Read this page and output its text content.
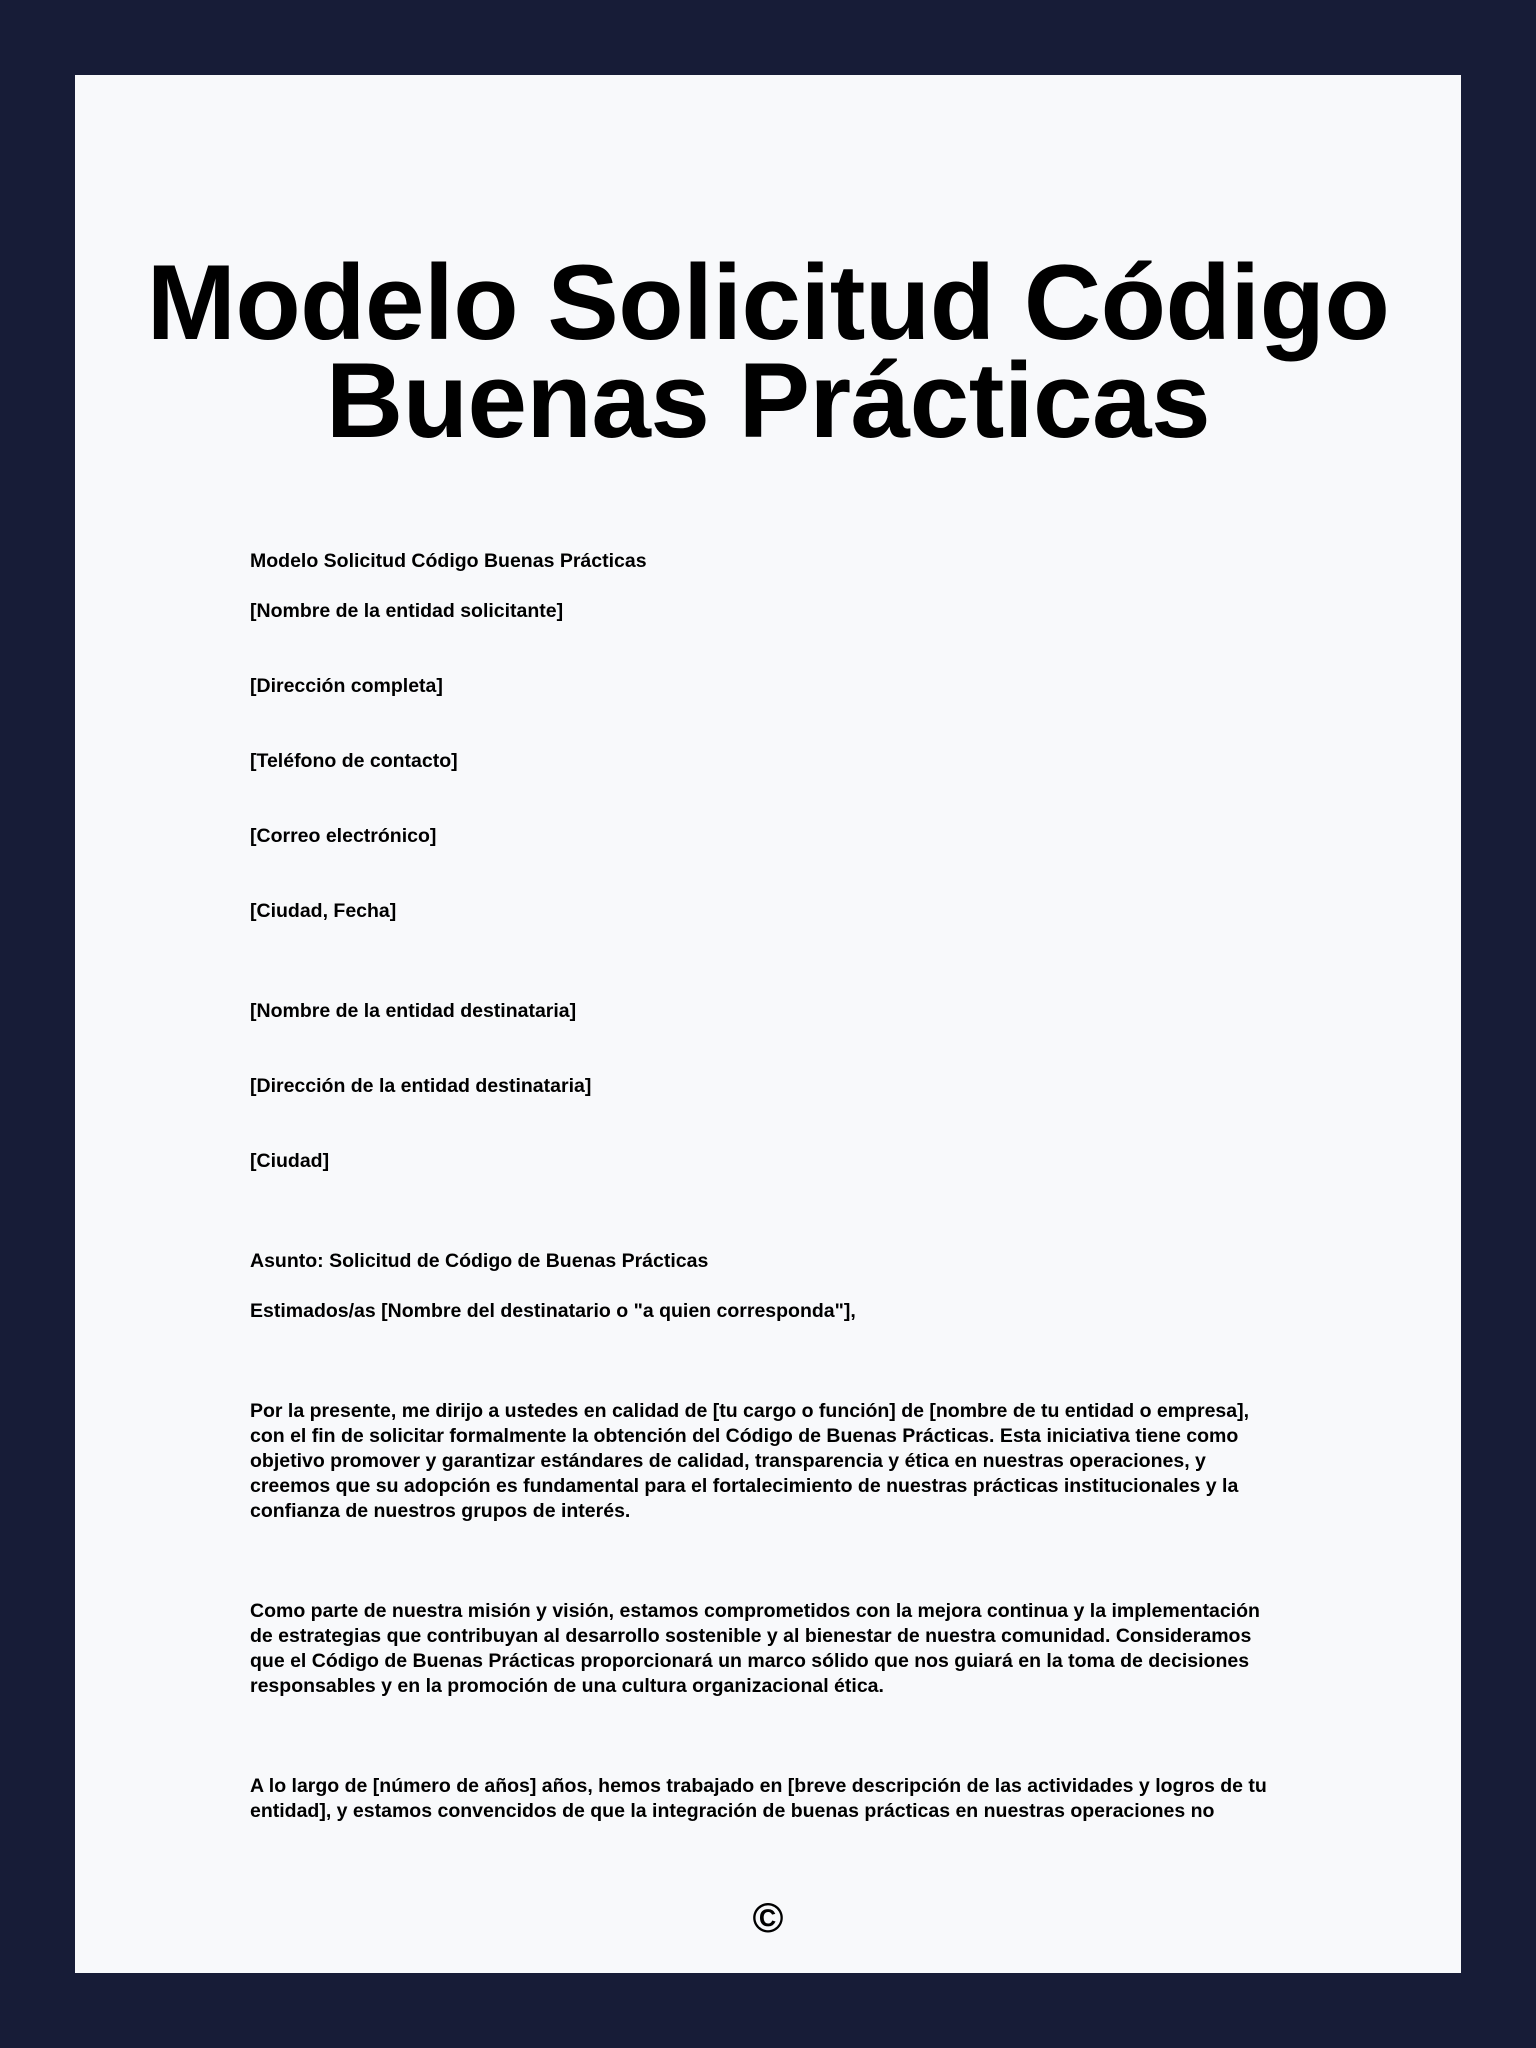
Modelo Solicitud Código Buenas Prácticas

Modelo Solicitud Código Buenas Prácticas

[Nombre de la entidad solicitante]

[Dirección completa]

[Teléfono de contacto]

[Correo electrónico]

[Ciudad, Fecha]

[Nombre de la entidad destinataria]

[Dirección de la entidad destinataria]

[Ciudad]

Asunto: Solicitud de Código de Buenas Prácticas

Estimados/as [Nombre del destinatario o "a quien corresponda"],

Por la presente, me dirijo a ustedes en calidad de [tu cargo o función] de [nombre de tu entidad o empresa], con el fin de solicitar formalmente la obtención del Código de Buenas Prácticas. Esta iniciativa tiene como objetivo promover y garantizar estándares de calidad, transparencia y ética en nuestras operaciones, y creemos que su adopción es fundamental para el fortalecimiento de nuestras prácticas institucionales y la confianza de nuestros grupos de interés.

Como parte de nuestra misión y visión, estamos comprometidos con la mejora continua y la implementación de estrategias que contribuyan al desarrollo sostenible y al bienestar de nuestra comunidad. Consideramos que el Código de Buenas Prácticas proporcionará un marco sólido que nos guiará en la toma de decisiones responsables y en la promoción de una cultura organizacional ética.

A lo largo de [número de años] años, hemos trabajado en [breve descripción de las actividades y logros de tu entidad], y estamos convencidos de que la integración de buenas prácticas en nuestras operaciones no

©
